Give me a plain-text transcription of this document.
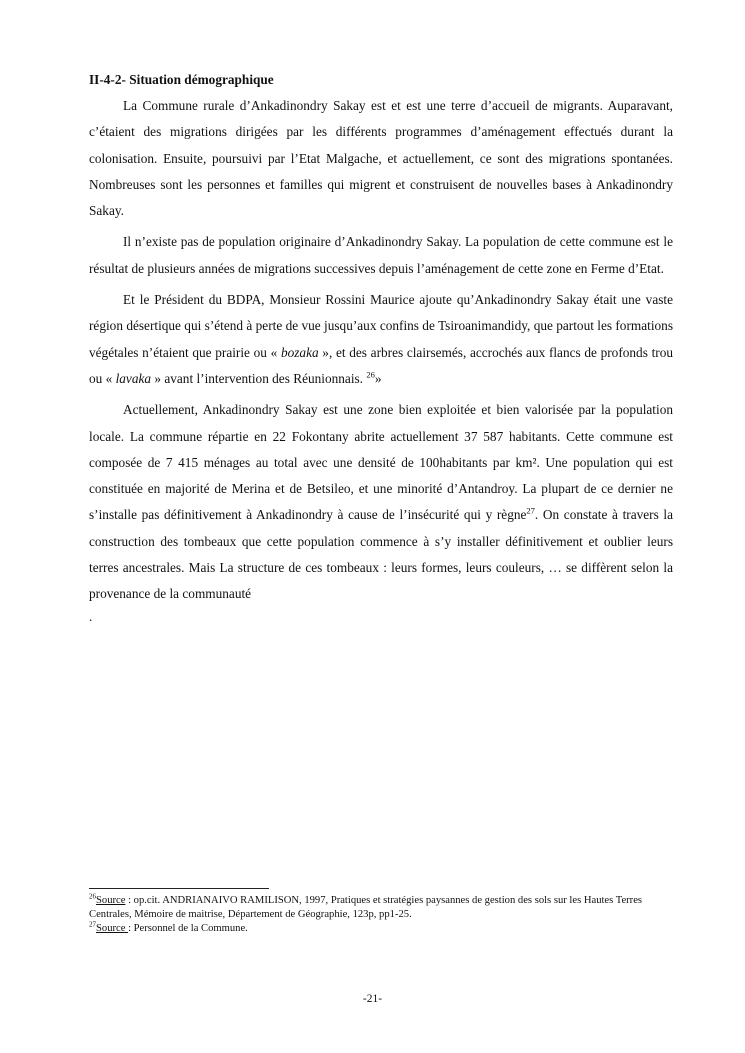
II-4-2- Situation démographique

La Commune rurale d’Ankadinondry Sakay est et est une terre d’accueil de migrants. Auparavant, c’étaient des migrations dirigées par les différents programmes d’aménagement effectués durant la colonisation. Ensuite, poursuivi par l’Etat Malgache, et actuellement, ce sont des migrations spontanées. Nombreuses sont les personnes et familles qui migrent et construisent de nouvelles bases à Ankadinondry Sakay.

Il n’existe pas de population originaire d’Ankadinondry Sakay. La population de cette commune est le résultat de plusieurs années de migrations successives depuis l’aménagement de cette zone en Ferme d’Etat.

Et le Président du BDPA, Monsieur Rossini Maurice ajoute qu’Ankadinondry Sakay était une vaste région désertique qui s’étend à perte de vue jusqu’aux confins de Tsiroanimandidy, que partout les formations végétales n’étaient que prairie ou « bozaka », et des arbres clairsemés, accrochés aux flancs de profonds trou ou « lavaka » avant l’intervention des Réunionnais. $^{26}$»

Actuellement, Ankadinondry Sakay est une zone bien exploitée et bien valorisée par la population locale. La commune répartie en 22 Fokontany abrite actuellement 37 587 habitants. Cette commune est composée de 7 415 ménages au total avec une densité de 100habitants par km². Une population qui est constituée en majorité de Merina et de Betsileo, et une minorité d’Antandroy. La plupart de ce dernier ne s’installe pas définitivement à Ankadinondry à cause de l’insécurité qui y règne$^{27}$. On constate à travers la construction des tombeaux que cette population commence à s’y installer définitivement et oublier leurs terres ancestrales. Mais La structure de ces tombeaux : leurs formes, leurs couleurs, … se diffèrent selon la provenance de la communauté

.

$^{26}$Source : op.cit. ANDRIANAIVO RAMILISON, 1997, Pratiques et stratégies paysannes de gestion des sols sur les Hautes Terres Centrales, Mémoire de maitrise, Département de Géographie, 123p, pp1-25.

$^{27}$Source : Personnel de la Commune.

-21-
